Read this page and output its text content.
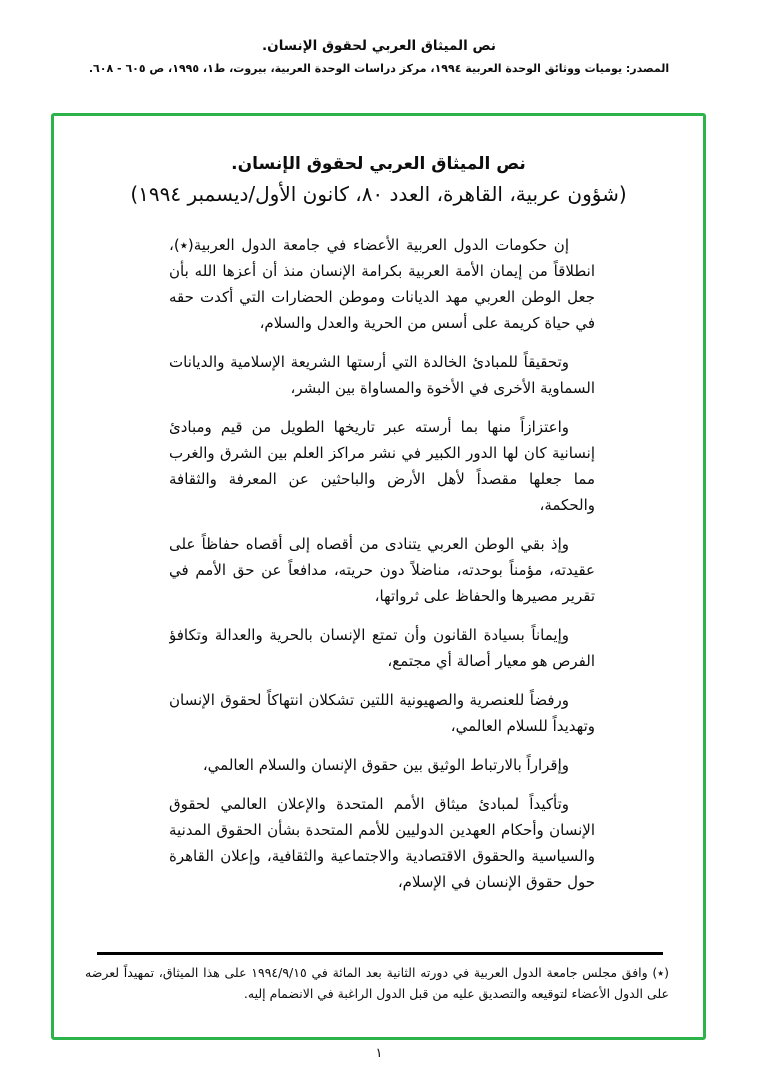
نص الميثاق العربي لحقوق الإنسان.
المصدر: يوميات ووثائق الوحدة العربية ١٩٩٤، مركز دراسات الوحدة العربية، بيروت، ط١، ١٩٩٥، ص ٦٠٥ - ٦٠٨.
نص الميثاق العربي لحقوق الإنسان.
(شؤون عربية، القاهرة، العدد ٨٠، كانون الأول/ديسمبر ١٩٩٤)

إن حكومات الدول العربية الأعضاء في جامعة الدول العربية(٭)، انطلاقاً من إيمان الأمة العربية بكرامة الإنسان منذ أن أعزها الله بأن جعل الوطن العربي مهد الديانات وموطن الحضارات التي أكدت حقه في حياة كريمة على أسس من الحرية والعدل والسلام،

وتحقيقاً للمبادئ الخالدة التي أرستها الشريعة الإسلامية والديانات السماوية الأخرى في الأخوة والمساواة بين البشر،

واعتزازاً منها بما أرسته عبر تاريخها الطويل من قيم ومبادئ إنسانية كان لها الدور الكبير في نشر مراكز العلم بين الشرق والغرب مما جعلها مقصداً لأهل الأرض والباحثين عن المعرفة والثقافة والحكمة،

وإذ بقي الوطن العربي يتنادى من أقصاه إلى أقصاه حفاظاً على عقيدته، مؤمناً بوحدته، مناضلاً دون حريته، مدافعاً عن حق الأمم في تقرير مصيرها والحفاظ على ثرواتها،

وإيماناً بسيادة القانون وأن تمتع الإنسان بالحرية والعدالة وتكافؤ الفرص هو معيار أصالة أي مجتمع،

ورفضاً للعنصرية والصهيونية اللتين تشكلان انتهاكاً لحقوق الإنسان وتهديداً للسلام العالمي،

وإقراراً بالارتباط الوثيق بين حقوق الإنسان والسلام العالمي،

وتأكيداً لمبادئ ميثاق الأمم المتحدة والإعلان العالمي لحقوق الإنسان وأحكام العهدين الدوليين للأمم المتحدة بشأن الحقوق المدنية والسياسية والحقوق الاقتصادية والاجتماعية والثقافية، وإعلان القاهرة حول حقوق الإنسان في الإسلام،

(٭) وافق مجلس جامعة الدول العربية في دورته الثانية بعد المائة في ١٩٩٤/٩/١٥ على هذا الميثاق، تمهيداً لعرضه على الدول الأعضاء لتوقيعه والتصديق عليه من قبل الدول الراغبة في الانضمام إليه.
١
